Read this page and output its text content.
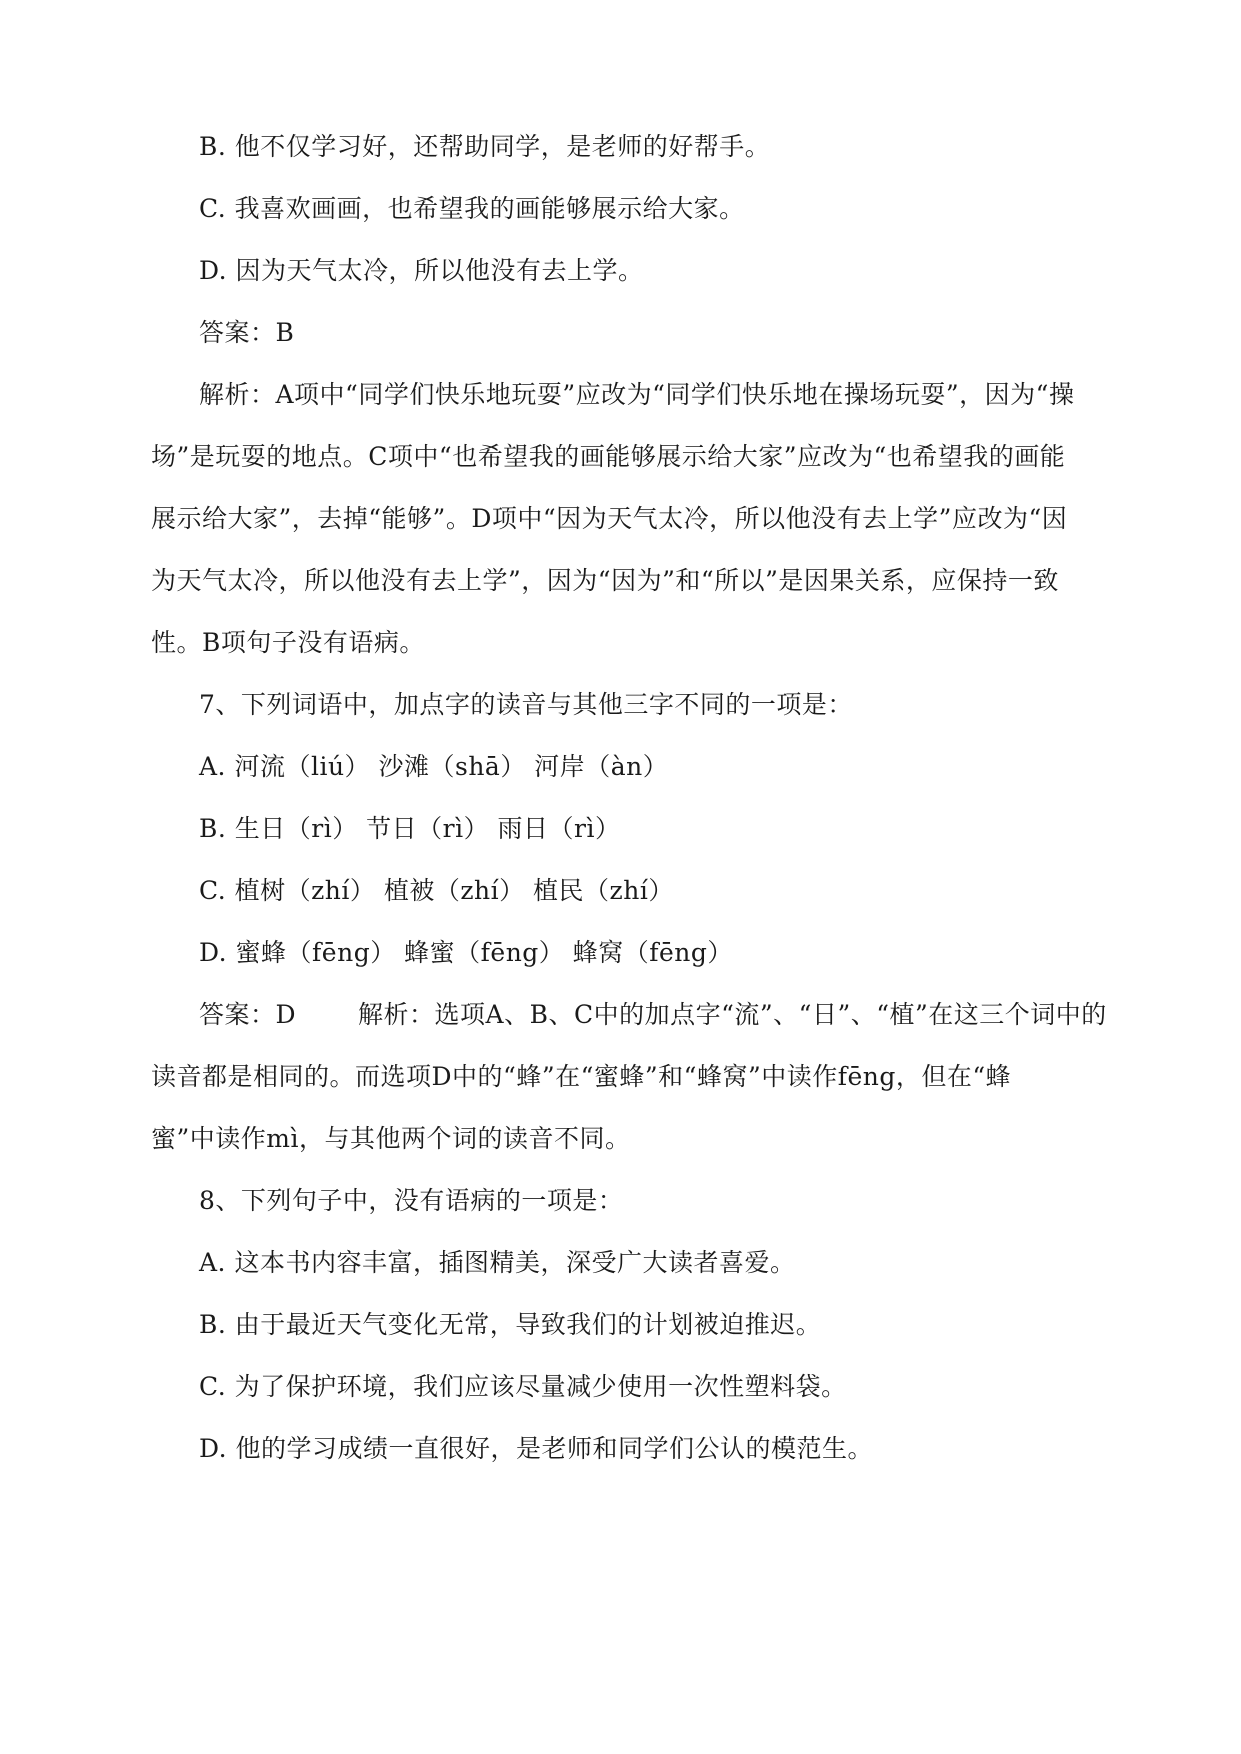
B. 他不仅学习好，还帮助同学，是老师的好帮手。
C. 我喜欢画画，也希望我的画能够展示给大家。
D. 因为天气太冷，所以他没有去上学。
答案：B
解析：A项中“同学们快乐地玩耍”应改为“同学们快乐地在操场玩耍”，因为“操
场”是玩耍的地点。C项中“也希望我的画能够展示给大家”应改为“也希望我的画能
展示给大家”，去掉“能够”。D项中“因为天气太冷，所以他没有去上学”应改为“因
为天气太冷，所以他没有去上学”，因为“因为”和“所以”是因果关系，应保持一致
性。B项句子没有语病。
7、下列词语中，加点字的读音与其他三字不同的一项是：
A. 河流（liú） 沙滩（shā） 河岸（àn）
B. 生日（rì） 节日（rì） 雨日（rì）
C. 植树（zhí） 植被（zhí） 植民（zhí）
D. 蜜蜂（fēng） 蜂蜜（fēng） 蜂窝（fēng）
答案：D 解析：选项A、B、C中的加点字“流”、“日”、“植”在这三个词中的
读音都是相同的。而选项D中的“蜂”在“蜜蜂”和“蜂窝”中读作fēng，但在“蜂
蜜”中读作mì，与其他两个词的读音不同。
8、下列句子中，没有语病的一项是：
A. 这本书内容丰富，插图精美，深受广大读者喜爱。
B. 由于最近天气变化无常，导致我们的计划被迫推迟。
C. 为了保护环境，我们应该尽量减少使用一次性塑料袋。
D. 他的学习成绩一直很好，是老师和同学们公认的模范生。
